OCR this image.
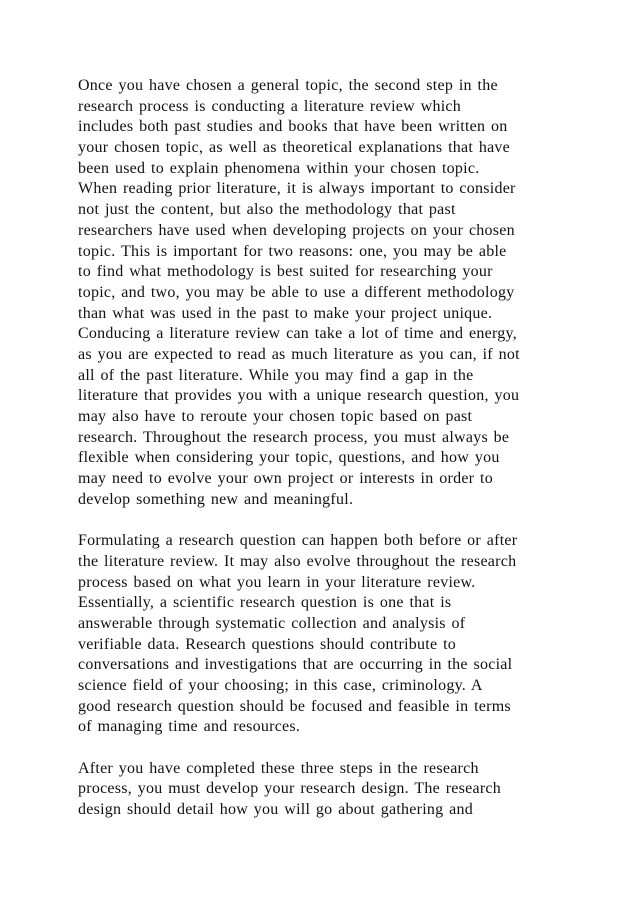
Once you have chosen a general topic, the second step in the
research process is conducting a literature review which
includes both past studies and books that have been written on
your chosen topic, as well as theoretical explanations that have
been used to explain phenomena within your chosen topic.
When reading prior literature, it is always important to consider
not just the content, but also the methodology that past
researchers have used when developing projects on your chosen
topic. This is important for two reasons: one, you may be able
to find what methodology is best suited for researching your
topic, and two, you may be able to use a different methodology
than what was used in the past to make your project unique.
Conducing a literature review can take a lot of time and energy,
as you are expected to read as much literature as you can, if not
all of the past literature. While you may find a gap in the
literature that provides you with a unique research question, you
may also have to reroute your chosen topic based on past
research. Throughout the research process, you must always be
flexible when considering your topic, questions, and how you
may need to evolve your own project or interests in order to
develop something new and meaningful.
Formulating a research question can happen both before or after
the literature review. It may also evolve throughout the research
process based on what you learn in your literature review.
Essentially, a scientific research question is one that is
answerable through systematic collection and analysis of
verifiable data. Research questions should contribute to
conversations and investigations that are occurring in the social
science field of your choosing; in this case, criminology. A
good research question should be focused and feasible in terms
of managing time and resources.
After you have completed these three steps in the research
process, you must develop your research design. The research
design should detail how you will go about gathering and
